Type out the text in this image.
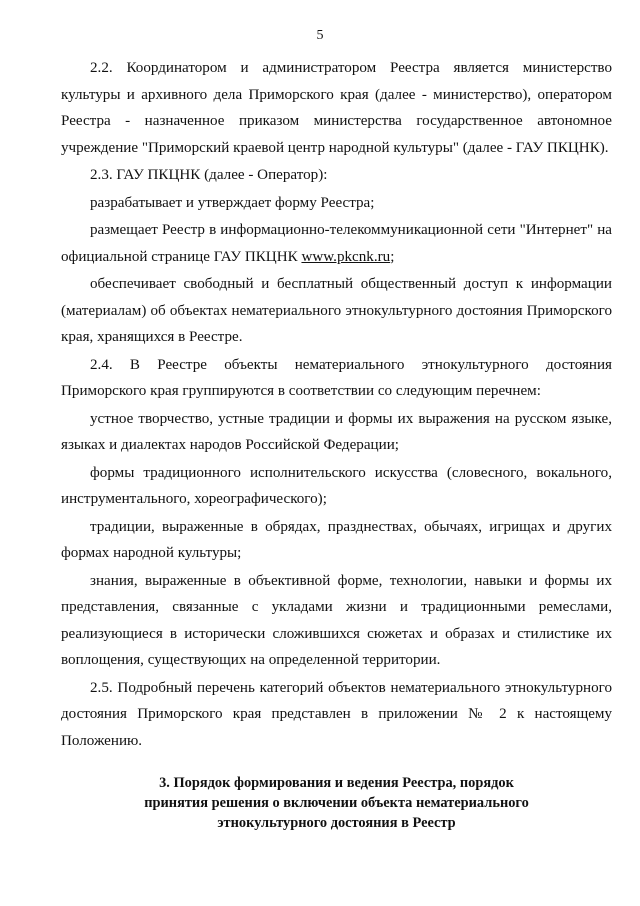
5

2.2. Координатором и администратором Реестра является министерство культуры и архивного дела Приморского края (далее - министерство), оператором Реестра - назначенное приказом министерства государственное автономное учреждение "Приморский краевой центр народной культуры" (далее - ГАУ ПКЦНК).

2.3. ГАУ ПКЦНК (далее - Оператор):

разрабатывает и утверждает форму Реестра;

размещает Реестр в информационно-телекоммуникационной сети "Интернет" на официальной странице ГАУ ПКЦНК www.pkcnk.ru;

обеспечивает свободный и бесплатный общественный доступ к информации (материалам) об объектах нематериального этнокультурного достояния Приморского края, хранящихся в Реестре.

2.4. В Реестре объекты нематериального этнокультурного достояния Приморского края группируются в соответствии со следующим перечнем:

устное творчество, устные традиции и формы их выражения на русском языке, языках и диалектах народов Российской Федерации;

формы традиционного исполнительского искусства (словесного, вокального, инструментального, хореографического);

традиции, выраженные в обрядах, празднествах, обычаях, игрищах и других формах народной культуры;

знания, выраженные в объективной форме, технологии, навыки и формы их представления, связанные с укладами жизни и традиционными ремеслами, реализующиеся в исторически сложившихся сюжетах и образах и стилистике их воплощения, существующих на определенной территории.

2.5. Подробный перечень категорий объектов нематериального этнокультурного достояния Приморского края представлен в приложении № 2 к настоящему Положению.

3. Порядок формирования и ведения Реестра, порядок
принятия решения о включении объекта нематериального
этнокультурного достояния в Реестр
